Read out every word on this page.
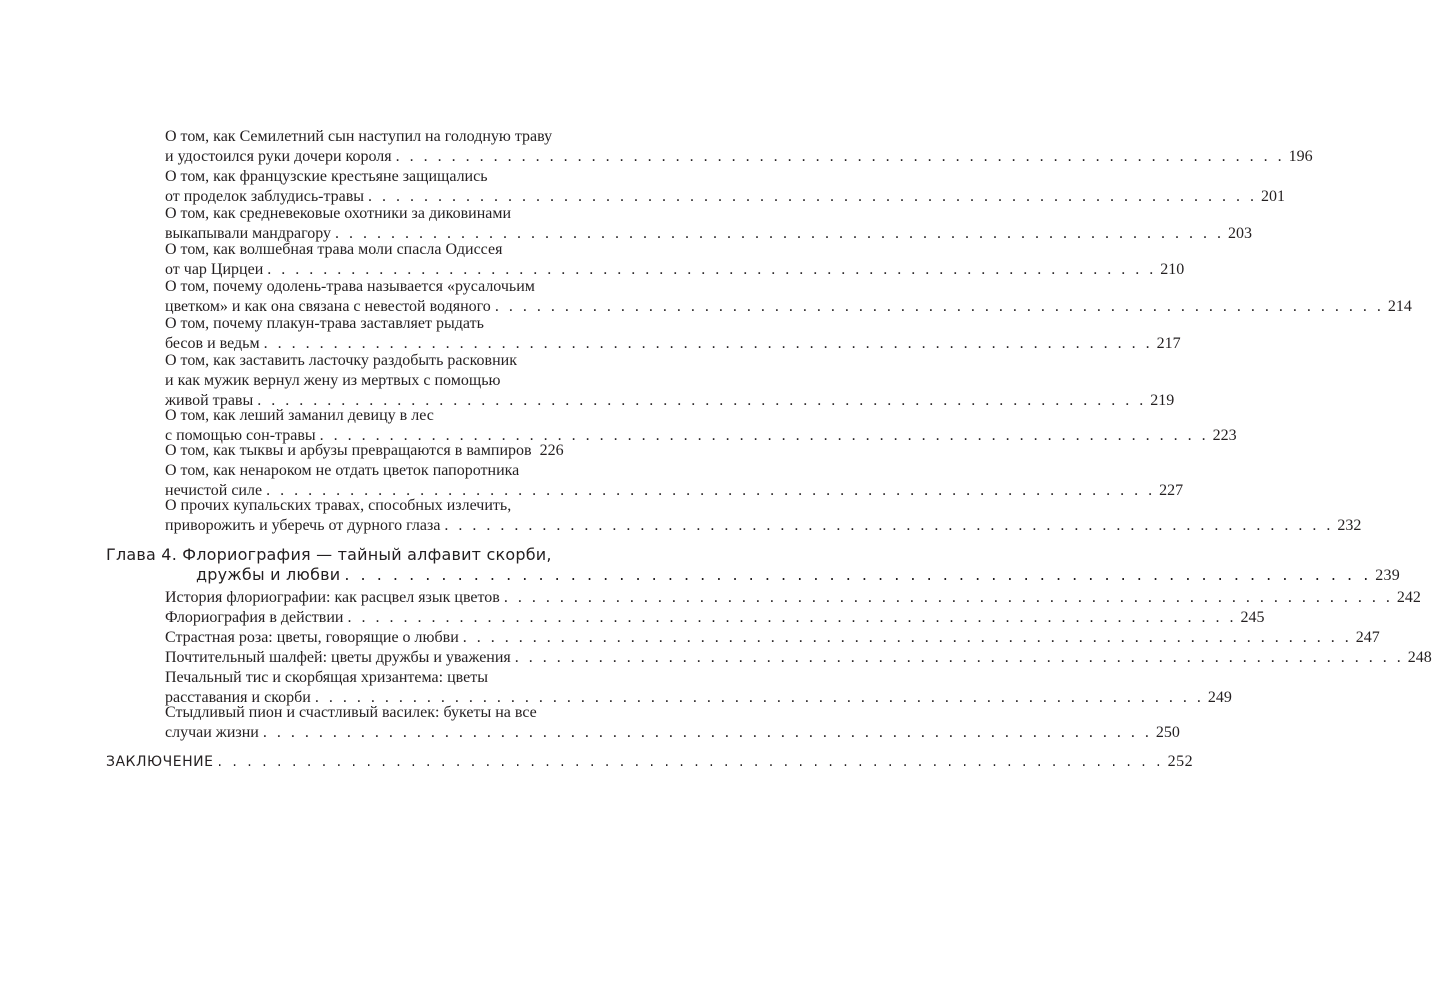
О том, как Семилетний сын наступил на голодную траву
и удостоился руки дочери короля . . . . . . . . . . . . . . . . . . . . . . . . . . . . . . . . . . . . . . . . . . . . . . . . . . . . . . . . . . . . . . . . 196
О том, как французские крестьяне защищались
от проделок заблудись-травы . . . . . . . . . . . . . . . . . . . . . . . . . . . . . . . . . . . . . . . . . . . . . . . . . . . . . . . . . . . . . . . . 201
О том, как средневековые охотники за диковинами
выкапывали мандрагору . . . . . . . . . . . . . . . . . . . . . . . . . . . . . . . . . . . . . . . . . . . . . . . . . . . . . . . . . . . . . . . . 203
О том, как волшебная трава моли спасла Одиссея
от чар Цирцеи . . . . . . . . . . . . . . . . . . . . . . . . . . . . . . . . . . . . . . . . . . . . . . . . . . . . . . . . . . . . . . . . 210
О том, почему одолень-трава называется «русалочьим
цветком» и как она связана с невестой водяного . . . . . . . . . . . . . . . . . . . . . . . . . . . . . . . . . . . . . . . . . . . . . . . . . . . . . . . . . . . . . . . . 214
О том, почему плакун-трава заставляет рыдать
бесов и ведьм . . . . . . . . . . . . . . . . . . . . . . . . . . . . . . . . . . . . . . . . . . . . . . . . . . . . . . . . . . . . . . . . 217
О том, как заставить ласточку раздобыть расковник
и как мужик вернул жену из мертвых с помощью
живой травы . . . . . . . . . . . . . . . . . . . . . . . . . . . . . . . . . . . . . . . . . . . . . . . . . . . . . . . . . . . . . . . . 219
О том, как леший заманил девицу в лес
с помощью сон-травы . . . . . . . . . . . . . . . . . . . . . . . . . . . . . . . . . . . . . . . . . . . . . . . . . . . . . . . . . . . . . . . . 223
О том, как тыквы и арбузы превращаются в вампиров 226
О том, как ненароком не отдать цветок папоротника
нечистой силе . . . . . . . . . . . . . . . . . . . . . . . . . . . . . . . . . . . . . . . . . . . . . . . . . . . . . . . . . . . . . . . . 227
О прочих купальских травах, способных излечить,
приворожить и уберечь от дурного глаза . . . . . . . . . . . . . . . . . . . . . . . . . . . . . . . . . . . . . . . . . . . . . . . . . . . . . . . . . . . . . . . . 232
Глава 4. Флориография — тайный алфавит скорби,
дружбы и любви . . . . . . . . . . . . . . . . . . . . . . . . . . . . . . . . . . . . . . . . . . . . . . . . . . . . . . . . . . . . . . . . 239
История флориографии: как расцвел язык цветов . . . . . . . . . . . . . . . . . . . . . . . . . . . . . . . . . . . . . . . . . . . . . . . . . . . . . . . . . . . . . . . . 242
Флориография в действии . . . . . . . . . . . . . . . . . . . . . . . . . . . . . . . . . . . . . . . . . . . . . . . . . . . . . . . . . . . . . . . . 245
Страстная роза: цветы, говорящие о любви . . . . . . . . . . . . . . . . . . . . . . . . . . . . . . . . . . . . . . . . . . . . . . . . . . . . . . . . . . . . . . . . 247
Почтительный шалфей: цветы дружбы и уважения . . . . . . . . . . . . . . . . . . . . . . . . . . . . . . . . . . . . . . . . . . . . . . . . . . . . . . . . . . . . . . . . 248
Печальный тис и скорбящая хризантема: цветы
расставания и скорби . . . . . . . . . . . . . . . . . . . . . . . . . . . . . . . . . . . . . . . . . . . . . . . . . . . . . . . . . . . . . . . . 249
Стыдливый пион и счастливый василек: букеты на все
случаи жизни . . . . . . . . . . . . . . . . . . . . . . . . . . . . . . . . . . . . . . . . . . . . . . . . . . . . . . . . . . . . . . . . 250
ЗАКЛЮЧЕНИЕ . . . . . . . . . . . . . . . . . . . . . . . . . . . . . . . . . . . . . . . . . . . . . . . . . . . . . . . . . . . . . . . . 252
